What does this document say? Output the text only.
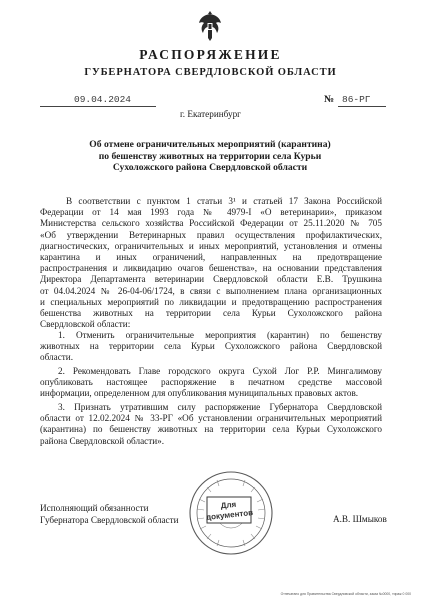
РАСПОРЯЖЕНИЕ
ГУБЕРНАТОРА СВЕРДЛОВСКОЙ ОБЛАСТИ
09.04.2024	№ 86-РГ
г. Екатеринбург
Об отмене ограничительных мероприятий (карантина)
по бешенству животных на территории села Курьи
Сухоложского района Свердловской области
В соответствии с пунктом 1 статьи 3¹ и статьей 17 Закона Российской
Федерации от 14 мая 1993 года № 4979-I «О ветеринарии», приказом
Министерства сельского хозяйства Российской Федерации от 25.11.2020 № 705
«Об утверждении Ветеринарных правил осуществления профилактических,
диагностических, ограничительных и иных мероприятий, установления и отмены
карантина и иных ограничений, направленных на предотвращение
распространения и ликвидацию очагов бешенства», на основании представления
Директора Департамента ветеринарии Свердловской области Е.В. Трушкина
от 04.04.2024 № 26-04-06/1724, в связи с выполнением плана организационных
и специальных мероприятий по ликвидации и предотвращению распространения
бешенства животных на территории села Курьи Сухоложского района
Свердловской области:
1. Отменить ограничительные мероприятия (карантин) по бешенству
животных на территории села Курьи Сухоложского района Свердловской
области.
2. Рекомендовать Главе городского округа Сухой Лог Р.Р. Мингалимову
опубликовать настоящее распоряжение в печатном средстве массовой
информации, определенном для опубликования муниципальных правовых актов.
3. Признать утратившим силу распоряжение Губернатора Свердловской
области от 12.02.2024 № 33-РГ «Об установлении ограничительных мероприятий
(карантина) по бешенству животных на территории села Курьи Сухоложского
района Свердловской области».
Исполняющий обязанности
Губернатора Свердловской области
Для
документов	А.В. Шмыков
Отпечатано для Правительства Свердловской области, заказ №0000, тираж 0 000
